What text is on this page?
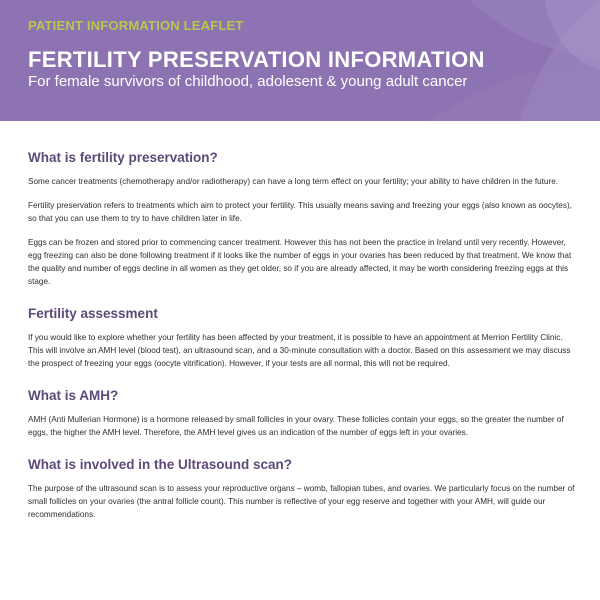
PATIENT INFORMATION LEAFLET
FERTILITY PRESERVATION INFORMATION
For female survivors of childhood, adolesent & young adult cancer
What is fertility preservation?

Some cancer treatments (chemotherapy and/or radiotherapy) can have a long term effect on your fertility; your ability to have children in the future.

Fertility preservation refers to treatments which aim to protect your fertility. This usually means saving and freezing your eggs (also known as oocytes), so that you can use them to try to have children later in life.

Eggs can be frozen and stored prior to commencing cancer treatment. However this has not been the practice in Ireland until very recently. However, egg freezing can also be done following treatment if it looks like the number of eggs in your ovaries has been reduced by that treatment. We know that the quality and number of eggs decline in all women as they get older, so if you are already affected, it may be worth considering freezing eggs at this stage.

Fertility assessment

If you would like to explore whether your fertility has been affected by your treatment, it is possible to have an appointment at Merrion Fertility Clinic. This will involve an AMH level (blood test), an ultrasound scan, and a 30-minute consultation with a doctor. Based on this assessment we may discuss the prospect of freezing your eggs (oocyte vitrification). However, if your tests are all normal, this will not be required.

What is AMH?

AMH (Anti Mullerian Hormone) is a hormone released by small follicles in your ovary. These follicles contain your eggs, so the greater the number of eggs, the higher the AMH level. Therefore, the AMH level gives us an indication of the number of eggs left in your ovaries.

What is involved in the Ultrasound scan?

The purpose of the ultrasound scan is to assess your reproductive organs – womb, fallopian tubes, and ovaries. We particularly focus on the number of small follicles on your ovaries (the antral follicle count). This number is reflective of your egg reserve and together with your AMH, will guide our recommendations.
